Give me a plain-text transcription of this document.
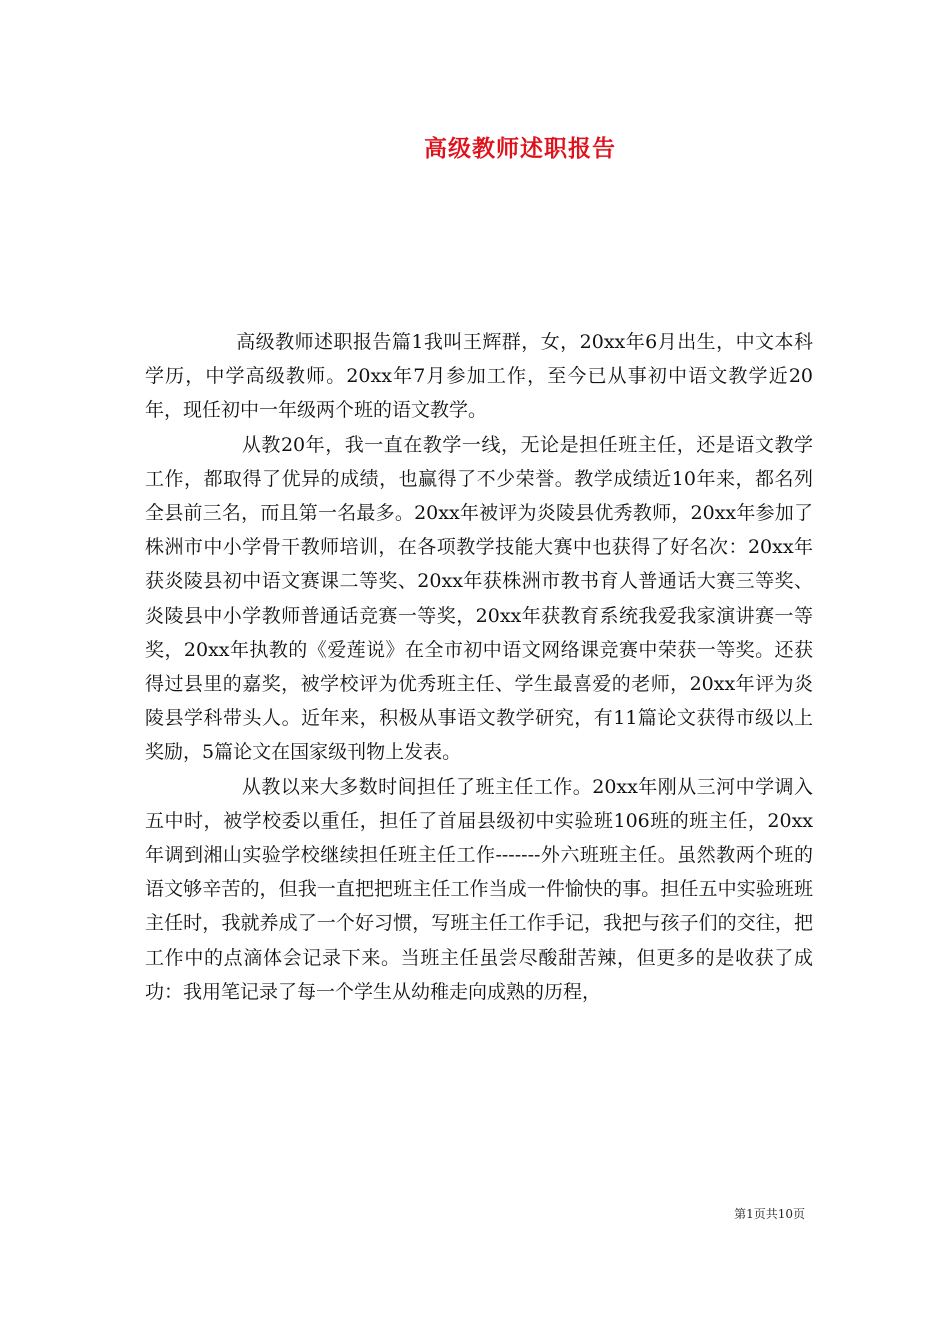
高级教师述职报告

高级教师述职报告篇1我叫王辉群，女，20xx年6月出生，中文本科学历，中学高级教师。20xx年7月参加工作，至今已从事初中语文教学近20年，现任初中一年级两个班的语文教学。

从教20年，我一直在教学一线，无论是担任班主任，还是语文教学工作，都取得了优异的成绩，也赢得了不少荣誉。教学成绩近10年来，都名列全县前三名，而且第一名最多。20xx年被评为炎陵县优秀教师，20xx年参加了株洲市中小学骨干教师培训，在各项教学技能大赛中也获得了好名次：20xx年获炎陵县初中语文赛课二等奖、20xx年获株洲市教书育人普通话大赛三等奖、炎陵县中小学教师普通话竞赛一等奖，20xx年获教育系统我爱我家演讲赛一等奖，20xx年执教的《爱莲说》在全市初中语文网络课竞赛中荣获一等奖。还获得过县里的嘉奖，被学校评为优秀班主任、学生最喜爱的老师，20xx年评为炎陵县学科带头人。近年来，积极从事语文教学研究，有11篇论文获得市级以上奖励，5篇论文在国家级刊物上发表。

从教以来大多数时间担任了班主任工作。20xx年刚从三河中学调入五中时，被学校委以重任，担任了首届县级初中实验班106班的班主任，20xx年调到湘山实验学校继续担任班主任工作-------外六班班主任。虽然教两个班的语文够辛苦的，但我一直把把班主任工作当成一件愉快的事。担任五中实验班班主任时，我就养成了一个好习惯，写班主任工作手记，我把与孩子们的交往，把工作中的点滴体会记录下来。当班主任虽尝尽酸甜苦辣，但更多的是收获了成功：我用笔记录了每一个学生从幼稚走向成熟的历程，

第1页共10页
